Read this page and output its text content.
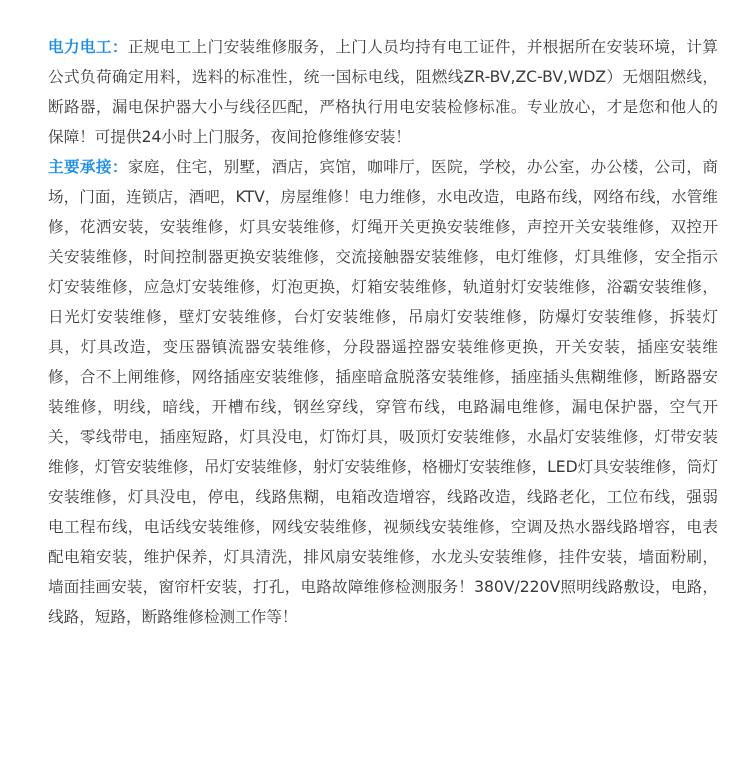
电力电工：正规电工上门安装维修服务，上门人员均持有电工证件，并根据所在安装环境，计算公式负荷确定用料，选料的标准性，统一国标电线，阻燃线ZR-BV,ZC-BV,WDZ）无烟阻燃线，断路器，漏电保护器大小与线径匹配，严格执行用电安装检修标准。专业放心，才是您和他人的保障！可提供24小时上门服务，夜间抢修维修安装！

主要承接：家庭，住宅，别墅，酒店，宾馆，咖啡厅，医院，学校，办公室，办公楼，公司，商场，门面，连锁店，酒吧，KTV，房屋维修！电力维修，水电改造，电路布线，网络布线，水管维修，花洒安装，安装维修，灯具安装维修，灯绳开关更换安装维修，声控开关安装维修，双控开关安装维修，时间控制器更换安装维修，交流接触器安装维修，电灯维修，灯具维修，安全指示灯安装维修，应急灯安装维修，灯泡更换，灯箱安装维修，轨道射灯安装维修，浴霸安装维修，日光灯安装维修，壁灯安装维修，台灯安装维修，吊扇灯安装维修，防爆灯安装维修，拆装灯具，灯具改造，变压器镇流器安装维修，分段器遥控器安装维修更换，开关安装，插座安装维修，合不上闸维修，网络插座安装维修，插座暗盒脱落安装维修，插座插头焦糊维修，断路器安装维修，明线，暗线，开槽布线，钢丝穿线，穿管布线，电路漏电维修，漏电保护器，空气开关，零线带电，插座短路，灯具没电，灯饰灯具，吸顶灯安装维修，水晶灯安装维修，灯带安装维修，灯管安装维修，吊灯安装维修，射灯安装维修，格栅灯安装维修，LED灯具安装维修，筒灯安装维修，灯具没电，停电，线路焦糊，电箱改造增容，线路改造，线路老化，工位布线，强弱电工程布线，电话线安装维修，网线安装维修，视频线安装维修，空调及热水器线路增容，电表配电箱安装，维护保养，灯具清洗，排风扇安装维修，水龙头安装维修，挂件安装，墙面粉刷，墙面挂画安装，窗帘杆安装，打孔，电路故障维修检测服务！380V/220V照明线路敷设，电路，线路，短路，断路维修检测工作等！
